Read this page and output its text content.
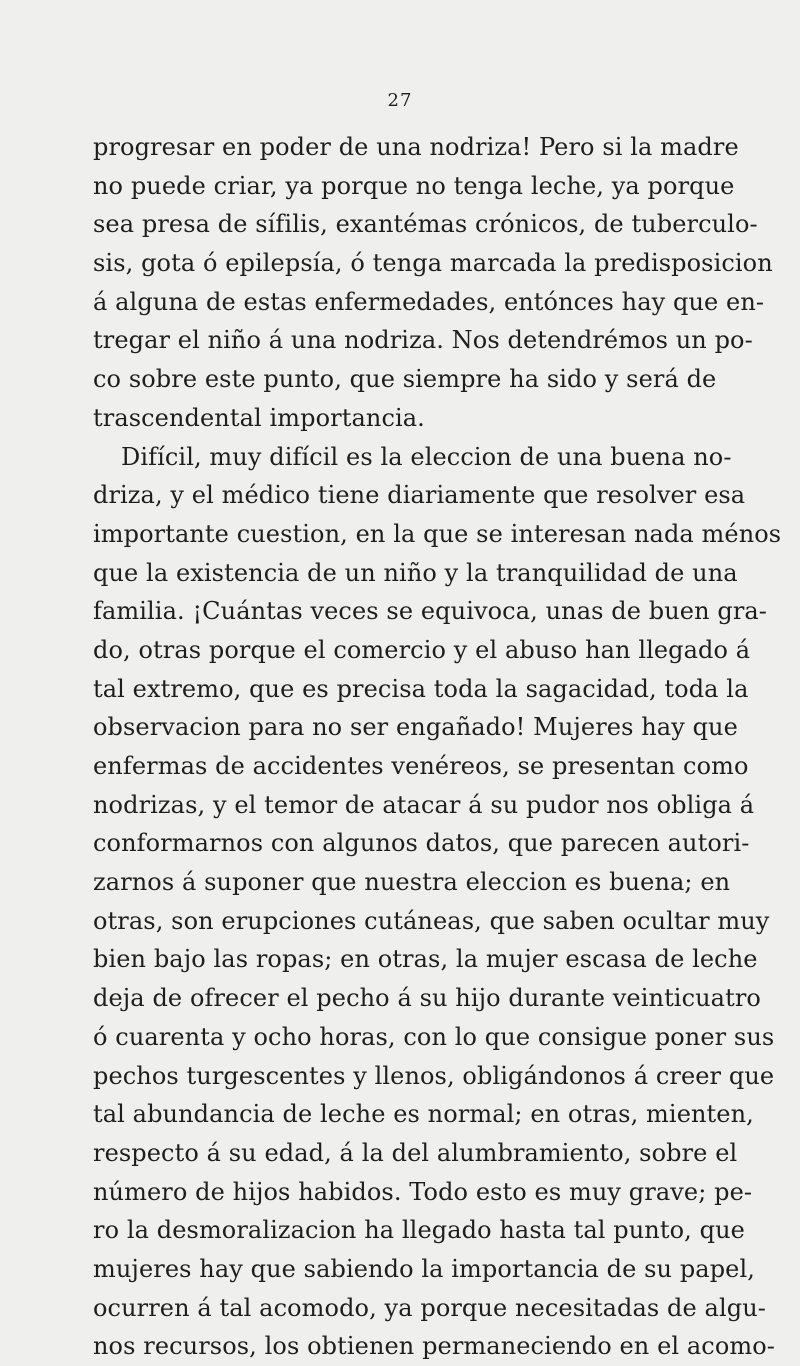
27
progresar en poder de una nodriza! Pero si la madre
no puede criar, ya porque no tenga leche, ya porque
sea presa de sífilis, exantémas crónicos, de tuberculo-
sis, gota ó epilepsía, ó tenga marcada la predisposicion
á alguna de estas enfermedades, entónces hay que en-
tregar el niño á una nodriza. Nos detendrémos un po-
co sobre este punto, que siempre ha sido y será de
trascendental importancia.
Difícil, muy difícil es la eleccion de una buena no-
driza, y el médico tiene diariamente que resolver esa
importante cuestion, en la que se interesan nada ménos
que la existencia de un niño y la tranquilidad de una
familia. ¡Cuántas veces se equivoca, unas de buen gra-
do, otras porque el comercio y el abuso han llegado á
tal extremo, que es precisa toda la sagacidad, toda la
observacion para no ser engañado! Mujeres hay que
enfermas de accidentes venéreos, se presentan como
nodrizas, y el temor de atacar á su pudor nos obliga á
conformarnos con algunos datos, que parecen autori-
zarnos á suponer que nuestra eleccion es buena; en
otras, son erupciones cutáneas, que saben ocultar muy
bien bajo las ropas; en otras, la mujer escasa de leche
deja de ofrecer el pecho á su hijo durante veinticuatro
ó cuarenta y ocho horas, con lo que consigue poner sus
pechos turgescentes y llenos, obligándonos á creer que
tal abundancia de leche es normal; en otras, mienten,
respecto á su edad, á la del alumbramiento, sobre el
número de hijos habidos. Todo esto es muy grave; pe-
ro la desmoralizacion ha llegado hasta tal punto, que
mujeres hay que sabiendo la importancia de su papel,
ocurren á tal acomodo, ya porque necesitadas de algu-
nos recursos, los obtienen permaneciendo en el acomo-
